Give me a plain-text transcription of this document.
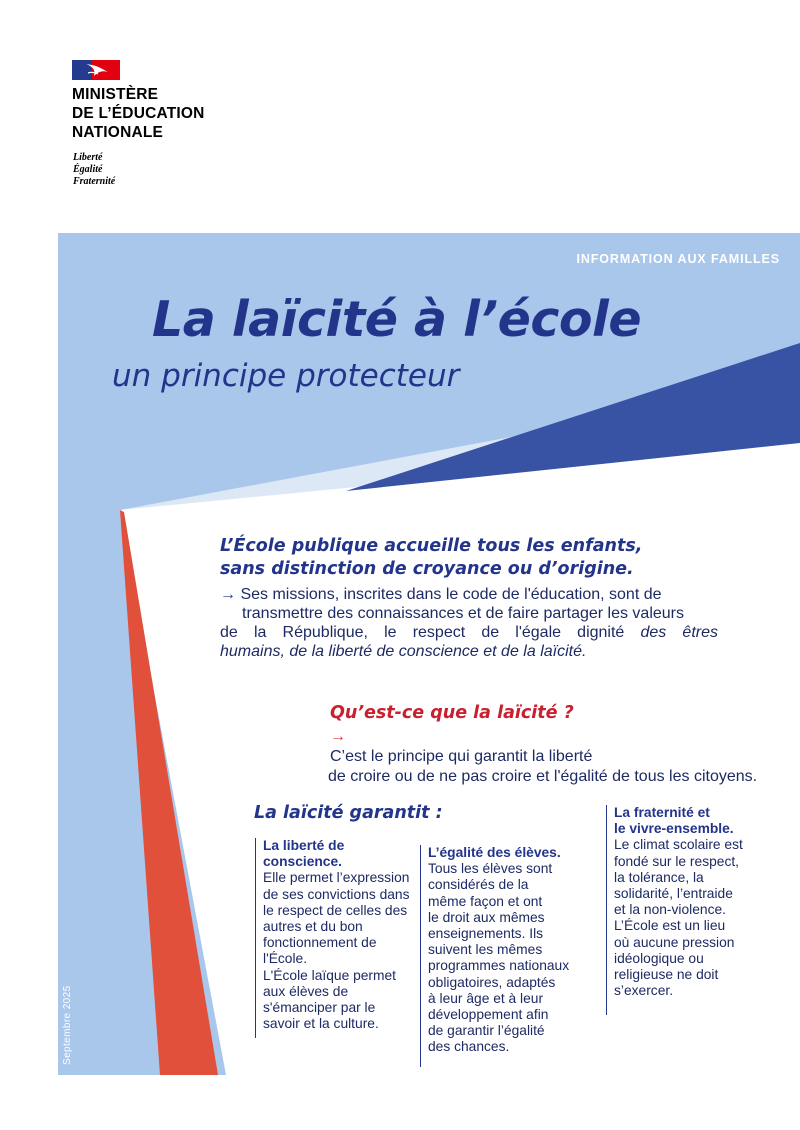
MINISTÈRE
DE L’ÉDUCATION
NATIONALE
Liberté
Égalité
Fraternité
INFORMATION AUX FAMILLES
La laïcité à l’école
un principe protecteur
L’École publique accueille tous les enfants,
sans distinction de croyance ou d’origine.
→ Ses missions, inscrites dans le code de l'éducation, sont de
transmettre des connaissances et de faire partager les valeurs
de la République, le respect de l'égale dignité des êtres
humains, de la liberté de conscience et de la laïcité.
Qu’est-ce que la laïcité ?
→
C’est le principe qui garantit la liberté
de croire ou de ne pas croire et l'égalité de tous les citoyens.
La laïcité garantit :
La liberté de
conscience.
Elle permet l’expression
de ses convictions dans
le respect de celles des
autres et du bon
fonctionnement de
l'École.
L'École laïque permet
aux élèves de
s'émanciper par le
savoir et la culture.
L’égalité des élèves.
Tous les élèves sont
considérés de la
même façon et ont
le droit aux mêmes
enseignements. Ils
suivent les mêmes
programmes nationaux
obligatoires, adaptés
à leur âge et à leur
développement afin
de garantir l’égalité
des chances.
La fraternité et
le vivre-ensemble.
Le climat scolaire est
fondé sur le respect,
la tolérance, la
solidarité, l’entraide
et la non-violence.
L’École est un lieu
où aucune pression
idéologique ou
religieuse ne doit
s’exercer.
Septembre 2025
